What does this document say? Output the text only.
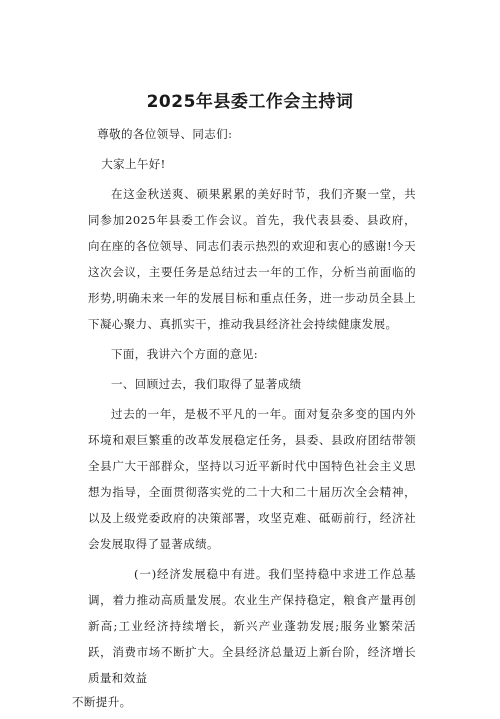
2025年县委工作会主持词

尊敬的各位领导、同志们:

大家上午好!

在这金秋送爽、硕果累累的美好时节，我们齐聚一堂，共同参加2025年县委工作会议。首先，我代表县委、县政府，向在座的各位领导、同志们表示热烈的欢迎和衷心的感谢!今天这次会议，主要任务是总结过去一年的工作，分析当前面临的形势,明确未来一年的发展目标和重点任务，进一步动员全县上下凝心聚力、真抓实干，推动我县经济社会持续健康发展。

下面，我讲六个方面的意见:

一、回顾过去，我们取得了显著成绩

过去的一年，是极不平凡的一年。面对复杂多变的国内外环境和艰巨繁重的改革发展稳定任务，县委、县政府团结带领全县广大干部群众，坚持以习近平新时代中国特色社会主义思想为指导，全面贯彻落实党的二十大和二十届历次全会精神，以及上级党委政府的决策部署，攻坚克难、砥砺前行，经济社会发展取得了显著成绩。

(一)经济发展稳中有进。我们坚持稳中求进工作总基调，着力推动高质量发展。农业生产保持稳定，粮食产量再创新高;工业经济持续增长，新兴产业蓬勃发展;服务业繁荣活跃，消费市场不断扩大。全县经济总量迈上新台阶，经济增长质量和效益

不断提升。
